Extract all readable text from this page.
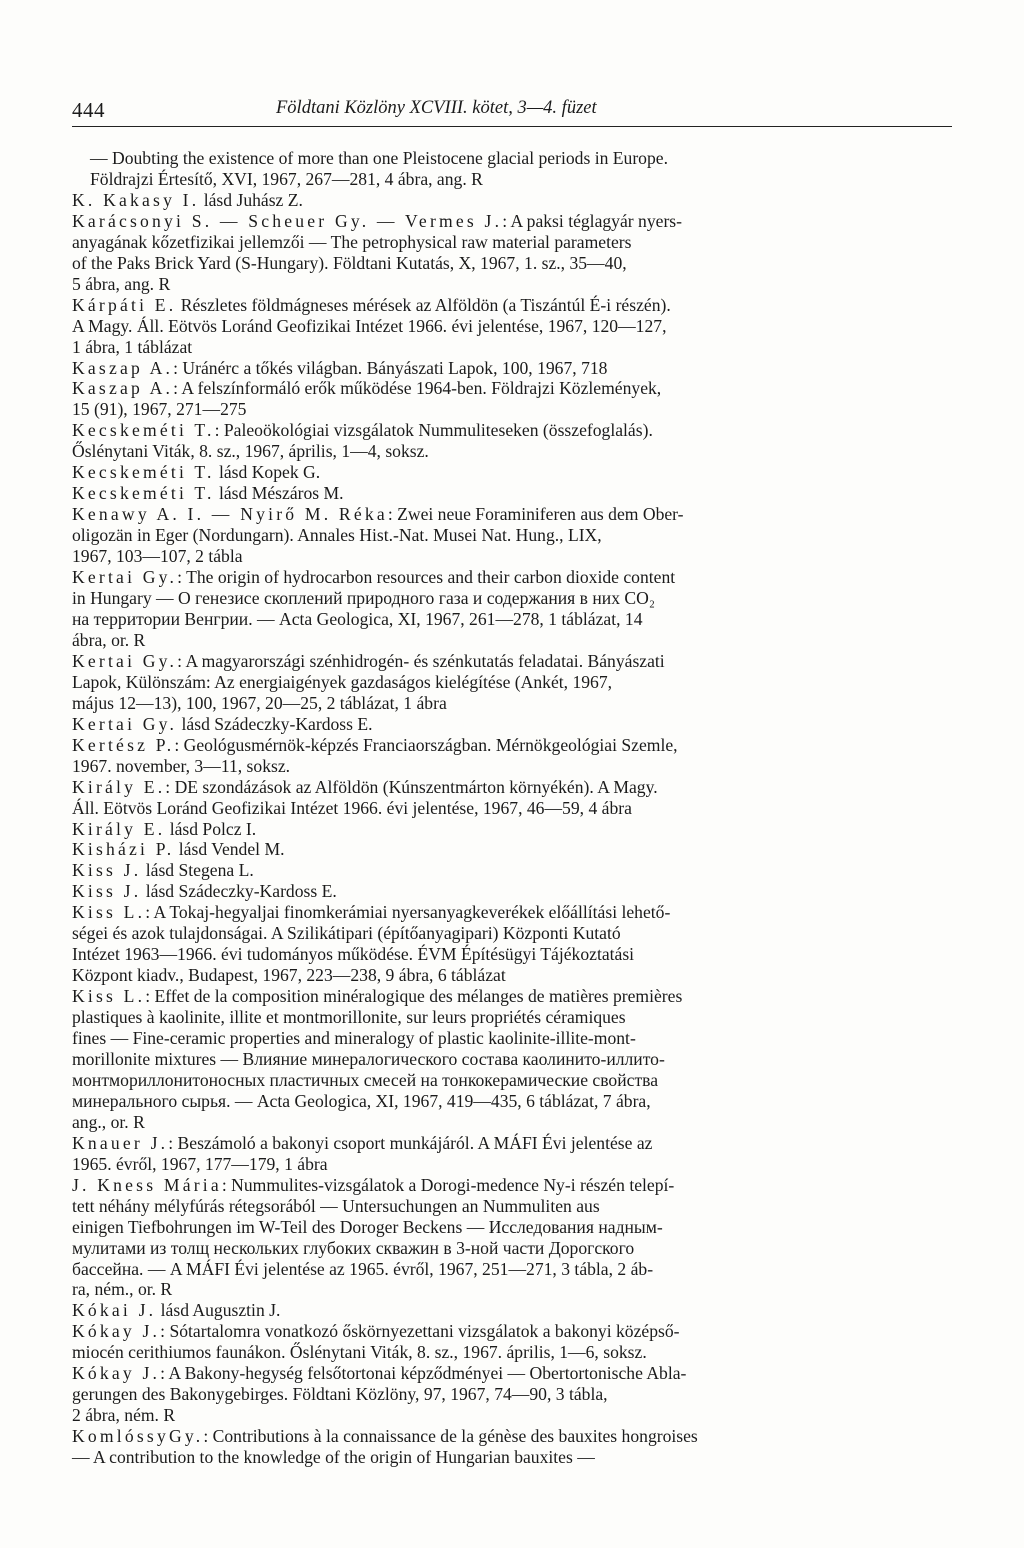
444	Földtani Közlöny XCVIII. kötet, 3—4. füzet
— Doubting the existence of more than one Pleistocene glacial periods in Europe.
Földrajzi Értesítő, XVI, 1967, 267—281, 4 ábra, ang. R
K. Kakasy I. lásd Juhász Z.
Karácsonyi S. — Scheuer Gy. — Vermes J.: A paksi téglagyár nyers-
anyagának kőzetfizikai jellemzői — The petrophysical raw material parameters
of the Paks Brick Yard (S-Hungary). Földtani Kutatás, X, 1967, 1. sz., 35—40,
5 ábra, ang. R
Kárpáti E. Részletes földmágneses mérések az Alföldön (a Tiszántúl É-i részén).
A Magy. Áll. Eötvös Loránd Geofizikai Intézet 1966. évi jelentése, 1967, 120—127,
1 ábra, 1 táblázat
Kaszap A.: Uránérc a tőkés világban. Bányászati Lapok, 100, 1967, 718
Kaszap A.: A felszínformáló erők működése 1964-ben. Földrajzi Közlemények,
15 (91), 1967, 271—275
Kecskeméti T.: Paleoökológiai vizsgálatok Nummuliteseken (összefoglalás).
Őslénytani Viták, 8. sz., 1967, április, 1—4, soksz.
Kecskeméti T. lásd Kopek G.
Kecskeméti T. lásd Mészáros M.
Kenawy A. I. — Nyirő M. Réka: Zwei neue Foraminiferen aus dem Ober-
oligozän in Eger (Nordungarn). Annales Hist.-Nat. Musei Nat. Hung., LIX,
1967, 103—107, 2 tábla
Kertai Gy.: The origin of hydrocarbon resources and their carbon dioxide content
in Hungary — О генезисе скоплений природного газа и содержания в них CO₂
на территории Венгрии. — Acta Geologica, XI, 1967, 261—278, 1 táblázat, 14
ábra, or. R
Kertai Gy.: A magyarországi szénhidrogén- és szénkutatás feladatai. Bányászati
Lapok, Különszám: Az energiaigények gazdaságos kielégítése (Ankét, 1967,
május 12—13), 100, 1967, 20—25, 2 táblázat, 1 ábra
Kertai Gy. lásd Szádeczky-Kardoss E.
Kertész P.: Geológusmérnök-képzés Franciaországban. Mérnökgeológiai Szemle,
1967. november, 3—11, soksz.
Király E.: DE szondázások az Alföldön (Kúnszentmárton környékén). A Magy.
Áll. Eötvös Loránd Geofizikai Intézet 1966. évi jelentése, 1967, 46—59, 4 ábra
Király E. lásd Polcz I.
Kisházi P. lásd Vendel M.
Kiss J. lásd Stegena L.
Kiss J. lásd Szádeczky-Kardoss E.
Kiss L.: A Tokaj-hegyaljai finomkerámiai nyersanyagkeverékek előállítási lehető-
ségei és azok tulajdonságai. A Szilikátipari (építőanyagipari) Központi Kutató
Intézet 1963—1966. évi tudományos működése. ÉVM Építésügyi Tájékoztatási
Központ kiadv., Budapest, 1967, 223—238, 9 ábra, 6 táblázat
Kiss L.: Effet de la composition minéralogique des mélanges de matières premières
plastiques à kaolinite, illite et montmorillonite, sur leurs propriétés céramiques
fines — Fine-ceramic properties and mineralogy of plastic kaolinite-illite-mont-
morillonite mixtures — Влияние минералогического состава каолинито-иллито-
монтмориллонитоносных пластичных смесей на тонкокерамические свойства
минерального сырья. — Acta Geologica, XI, 1967, 419—435, 6 táblázat, 7 ábra,
ang., or. R
Knauer J.: Beszámoló a bakonyi csoport munkájáról. A MÁFI Évi jelentése az
1965. évről, 1967, 177—179, 1 ábra
J. Kness Mária: Nummulites-vizsgálatok a Dorogi-medence Ny-i részén telepí-
tett néhány mélyfúrás rétegsorából — Untersuchungen an Nummuliten aus
einigen Tiefbohrungen im W-Teil des Doroger Beckens — Исследования надным-
мулитами из толщ нескольких глубоких скважин в 3-ной части Дорогского
бассейна. — A MÁFI Évi jelentése az 1965. évről, 1967, 251—271, 3 tábla, 2 áb-
ra, ném., or. R
Kókai J. lásd Augusztin J.
Kókay J.: Sótartalomra vonatkozó őskörnyezettani vizsgálatok a bakonyi középső-
miocén cerithiumos faunákon. Őslénytani Viták, 8. sz., 1967. április, 1—6, soksz.
Kókay J.: A Bakony-hegység felsőtortonai képződményei — Obertortonische Abla-
gerungen des Bakonygebirges. Földtani Közlöny, 97, 1967, 74—90, 3 tábla,
2 ábra, ném. R
KomlóssyGy.: Contributions à la connaissance de la génèse des bauxites hongroises
— A contribution to the knowledge of the origin of Hungarian bauxites —
